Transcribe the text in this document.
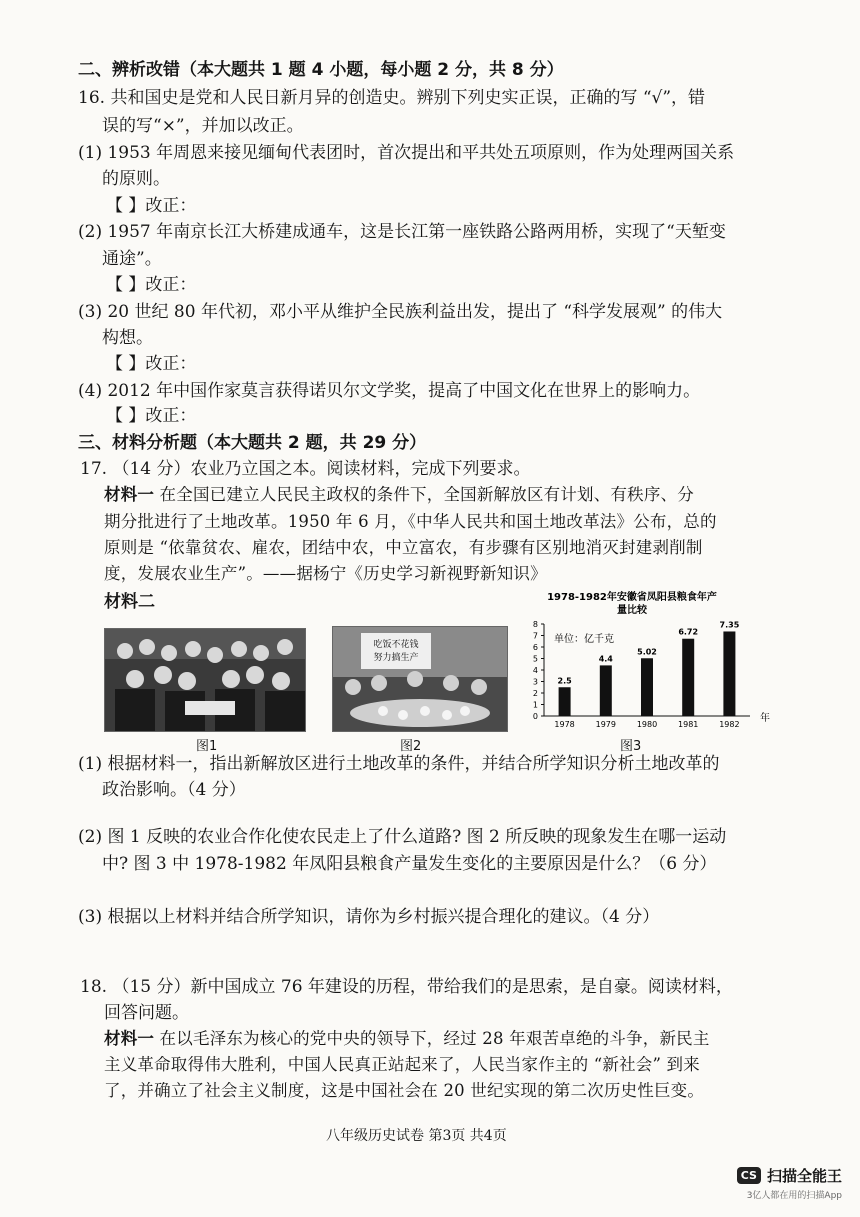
二、辨析改错（本大题共 1 题 4 小题，每小题 2 分，共 8 分）
16. 共和国史是党和人民日新月异的创造史。辨别下列史实正误，正确的写 “√”，错
误的写“×”，并加以改正。
(1) 1953 年周恩来接见缅甸代表团时，首次提出和平共处五项原则，作为处理两国关系
的原则。
【 】改正：
(2) 1957 年南京长江大桥建成通车，这是长江第一座铁路公路两用桥，实现了“天堑变
通途”。
【 】改正：
(3) 20 世纪 80 年代初，邓小平从维护全民族利益出发，提出了 “科学发展观” 的伟大
构想。
【 】改正：
(4) 2012 年中国作家莫言获得诺贝尔文学奖，提高了中国文化在世界上的影响力。
【 】改正：
三、材料分析题（本大题共 2 题，共 29 分）
17. （14 分）农业乃立国之本。阅读材料，完成下列要求。
材料一 在全国已建立人民民主政权的条件下，全国新解放区有计划、有秩序、分
期分批进行了土地改革。1950 年 6 月，《中华人民共和国土地改革法》公布，总的
原则是 “依靠贫农、雇农，团结中农，中立富农，有步骤有区别地消灭封建剥削制
度，发展农业生产”。——据杨宁《历史学习新视野新知识》
材料二
图1
吃饭不花钱
努力搞生产
图2
1978-1982年安徽省凤阳县粮食年产
量比较
单位：亿千克
0
1
2
3
4
5
6
7
8
2.5
4.4
5.02
6.72
7.35
1978	1979	1980	1981	1982
年
图3
(1) 根据材料一，指出新解放区进行土地改革的条件，并结合所学知识分析土地改革的
政治影响。（4 分）
(2) 图 1 反映的农业合作化使农民走上了什么道路? 图 2 所反映的现象发生在哪一运动
中? 图 3 中 1978-1982 年凤阳县粮食产量发生变化的主要原因是什么？（6 分）
(3) 根据以上材料并结合所学知识，请你为乡村振兴提合理化的建议。（4 分）
18. （15 分）新中国成立 76 年建设的历程，带给我们的是思索，是自豪。阅读材料，
回答问题。
材料一 在以毛泽东为核心的党中央的领导下，经过 28 年艰苦卓绝的斗争，新民主
主义革命取得伟大胜利，中国人民真正站起来了，人民当家作主的 “新社会” 到来
了，并确立了社会主义制度，这是中国社会在 20 世纪实现的第二次历史性巨变。
八年级历史试卷 第3页 共4页
CS 扫描全能王
3亿人都在用的扫描App
